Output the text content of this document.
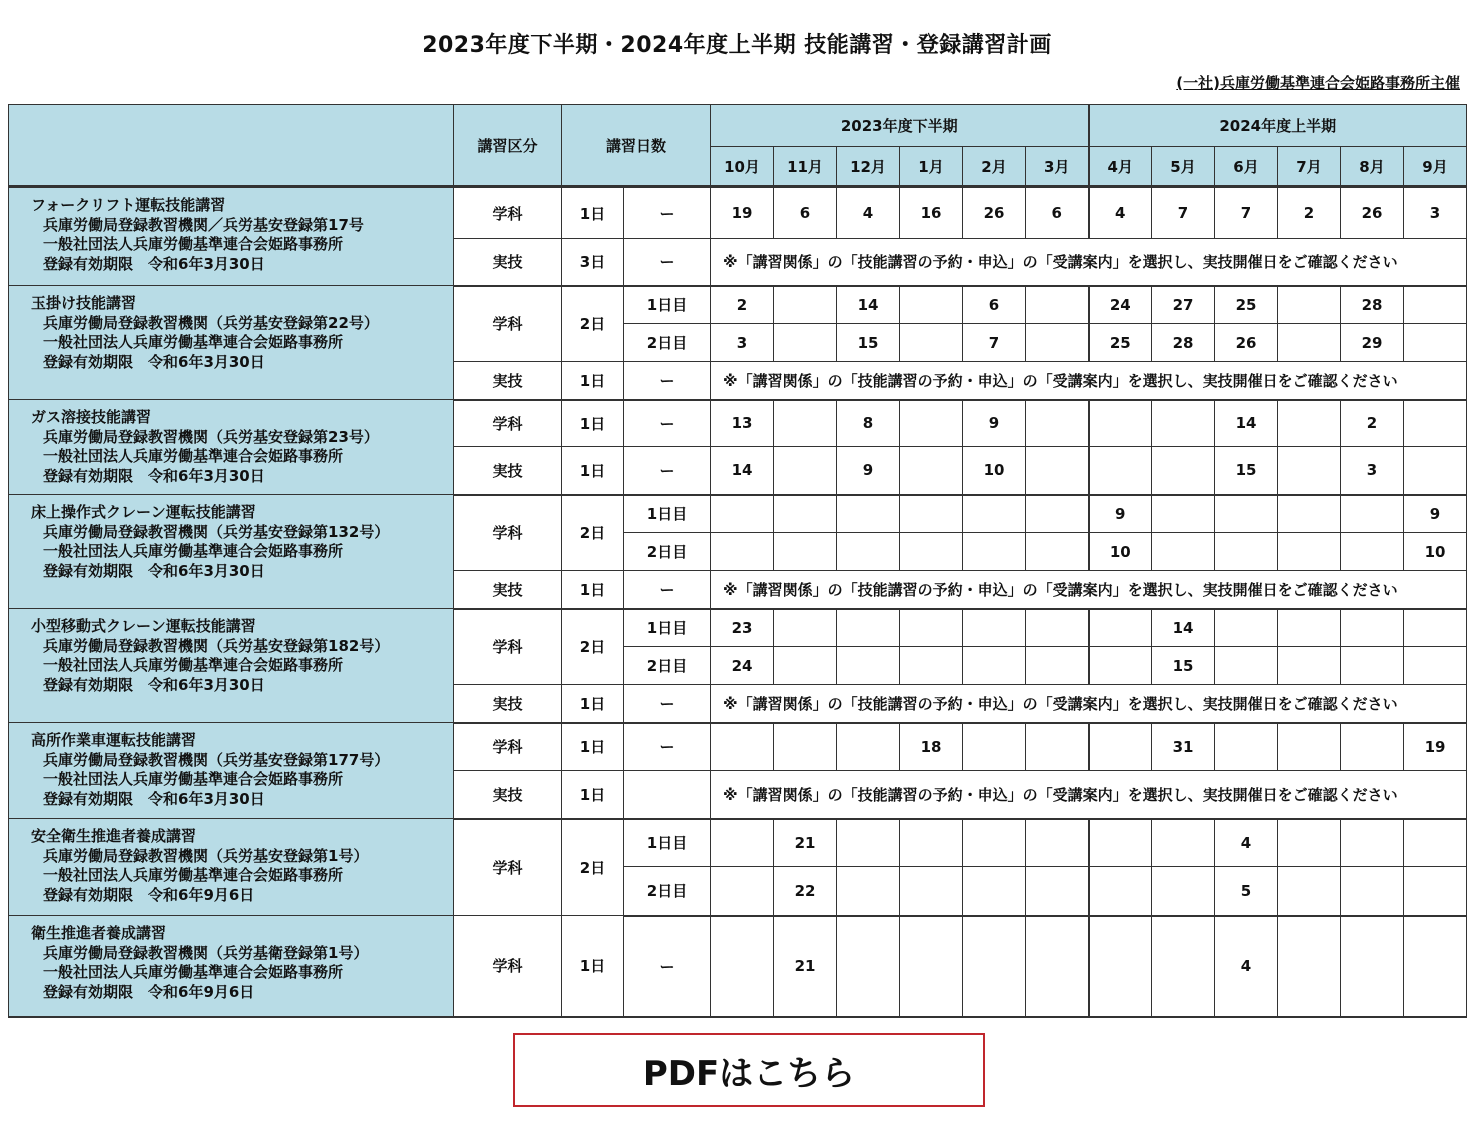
2023年度下半期・2024年度上半期 技能講習・登録講習計画
(一社)兵庫労働基準連合会姫路事務所主催
	講習区分	講習日数		2023年度下半期						2024年度上半期					
				10月	11月	12月	1月	2月	3月	4月	5月	6月	7月	8月	9月

フォークリフト運転技能講習
兵庫労働局登録教習機関／兵労基安登録第17号
一般社団法人兵庫労働基準連合会姫路事務所
登録有効期限　令和6年3月30日	学科	1日	ー	19	6	4	16	26	6	4	7	7	2	26	3
	実技	3日	ー	※「講習関係」の「技能講習の予約・申込」の「受講案内」を選択し、実技開催日をご確認ください											

玉掛け技能講習
兵庫労働局登録教習機関（兵労基安登録第22号）
一般社団法人兵庫労働基準連合会姫路事務所
登録有効期限　令和6年3月30日	学科	2日	1日目	2		14		6		24	27	25		28	
			2日目	3		15		7		25	28	26		29	
	実技	1日	ー	※「講習関係」の「技能講習の予約・申込」の「受講案内」を選択し、実技開催日をご確認ください											

ガス溶接技能講習
兵庫労働局登録教習機関（兵労基安登録第23号）
一般社団法人兵庫労働基準連合会姫路事務所
登録有効期限　令和6年3月30日	学科	1日	ー	13		8		9				14		2	
	実技	1日	ー	14		9		10				15		3	

床上操作式クレーン運転技能講習
兵庫労働局登録教習機関（兵労基安登録第132号）
一般社団法人兵庫労働基準連合会姫路事務所
登録有効期限　令和6年3月30日	学科	2日	1日目							9					9
			2日目							10					10
	実技	1日	ー	※「講習関係」の「技能講習の予約・申込」の「受講案内」を選択し、実技開催日をご確認ください											

小型移動式クレーン運転技能講習
兵庫労働局登録教習機関（兵労基安登録第182号）
一般社団法人兵庫労働基準連合会姫路事務所
登録有効期限　令和6年3月30日	学科	2日	1日目	23							14				
			2日目	24							15				
	実技	1日	ー	※「講習関係」の「技能講習の予約・申込」の「受講案内」を選択し、実技開催日をご確認ください											

高所作業車運転技能講習
兵庫労働局登録教習機関（兵労基安登録第177号）
一般社団法人兵庫労働基準連合会姫路事務所
登録有効期限　令和6年3月30日	学科	1日	ー				18				31				19
	実技	1日		※「講習関係」の「技能講習の予約・申込」の「受講案内」を選択し、実技開催日をご確認ください											

安全衛生推進者養成講習
兵庫労働局登録教習機関（兵労基安登録第1号）
一般社団法人兵庫労働基準連合会姫路事務所
登録有効期限　令和6年9月6日	学科	2日	1日目		21							4			
			2日目		22							5			

衛生推進者養成講習
兵庫労働局登録教習機関（兵労基衛登録第1号）
一般社団法人兵庫労働基準連合会姫路事務所
登録有効期限　令和6年9月6日	学科	1日	ー		21							4			
PDFはこちら
